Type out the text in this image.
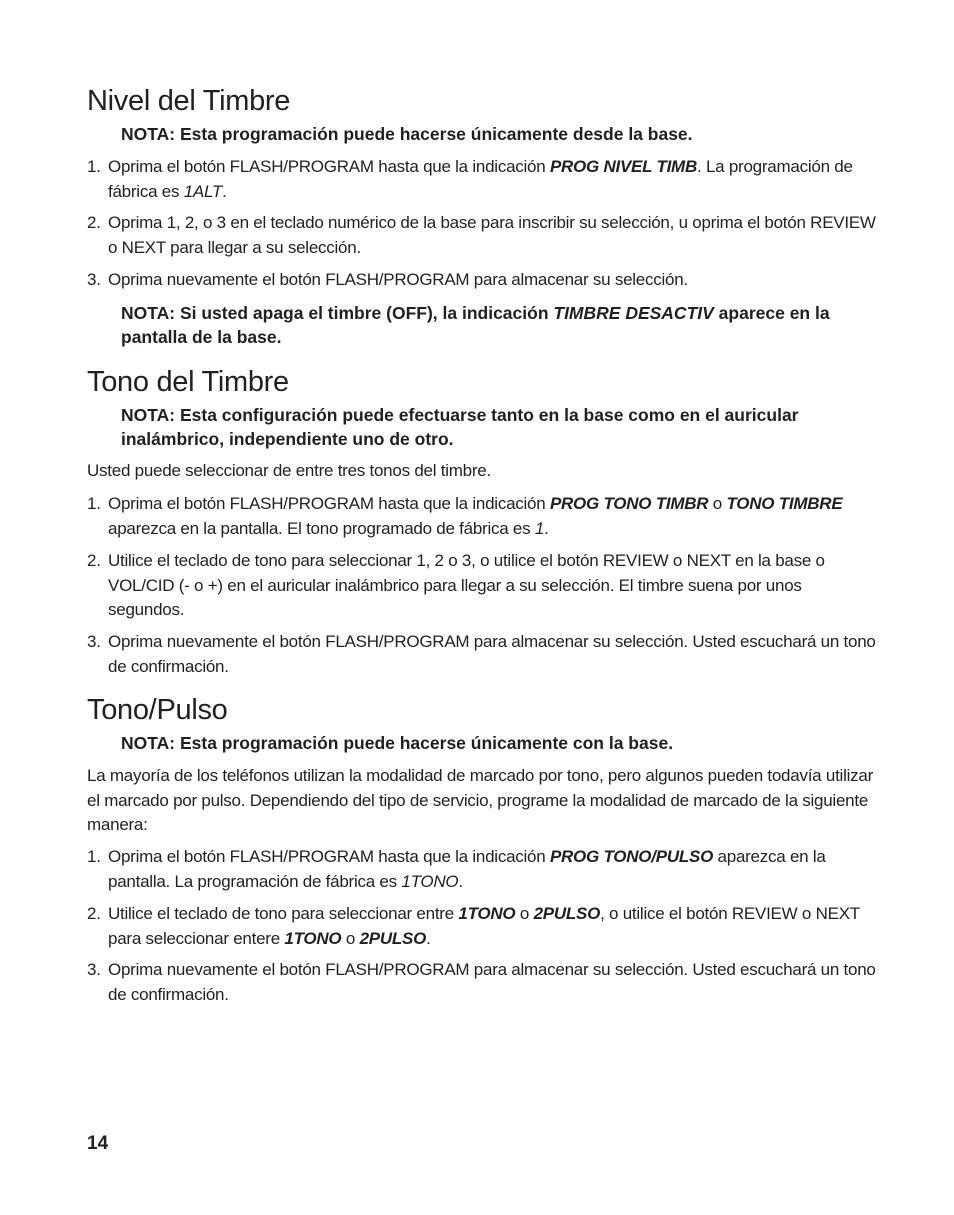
Nivel del Timbre

NOTA: Esta programación puede hacerse únicamente desde la base.

1. Oprima el botón FLASH/PROGRAM hasta que la indicación PROG NIVEL TIMB. La programación de fábrica es 1ALT.

2. Oprima 1, 2, o 3 en el teclado numérico de la base para inscribir su selección, u oprima el botón REVIEW o NEXT para llegar a su selección.

3. Oprima nuevamente el botón FLASH/PROGRAM para almacenar su selección.

NOTA: Si usted apaga el timbre (OFF), la indicación TIMBRE DESACTIV aparece en la pantalla de la base.

Tono del Timbre

NOTA: Esta configuración puede efectuarse tanto en la base como en el auricular inalámbrico, independiente uno de otro.

Usted puede seleccionar de entre tres tonos del timbre.

1. Oprima el botón FLASH/PROGRAM hasta que la indicación PROG TONO TIMBR o TONO TIMBRE aparezca en la pantalla. El tono programado de fábrica es 1.

2. Utilice el teclado de tono para seleccionar 1, 2 o 3, o utilice el botón REVIEW o NEXT en la base o VOL/CID (- o +) en el auricular inalámbrico para llegar a su selección. El timbre suena por unos segundos.

3. Oprima nuevamente el botón FLASH/PROGRAM para almacenar su selección. Usted escuchará un tono de confirmación.

Tono/Pulso

NOTA: Esta programación puede hacerse únicamente con la base.

La mayoría de los teléfonos utilizan la modalidad de marcado por tono, pero algunos pueden todavía utilizar el marcado por pulso. Dependiendo del tipo de servicio, programe la modalidad de marcado de la siguiente manera:

1. Oprima el botón FLASH/PROGRAM hasta que la indicación PROG TONO/PULSO aparezca en la pantalla. La programación de fábrica es 1TONO.

2. Utilice el teclado de tono para seleccionar entre 1TONO o 2PULSO, o utilice el botón REVIEW o NEXT para seleccionar entere 1TONO o 2PULSO.

3. Oprima nuevamente el botón FLASH/PROGRAM para almacenar su selección. Usted escuchará un tono de confirmación.

14
